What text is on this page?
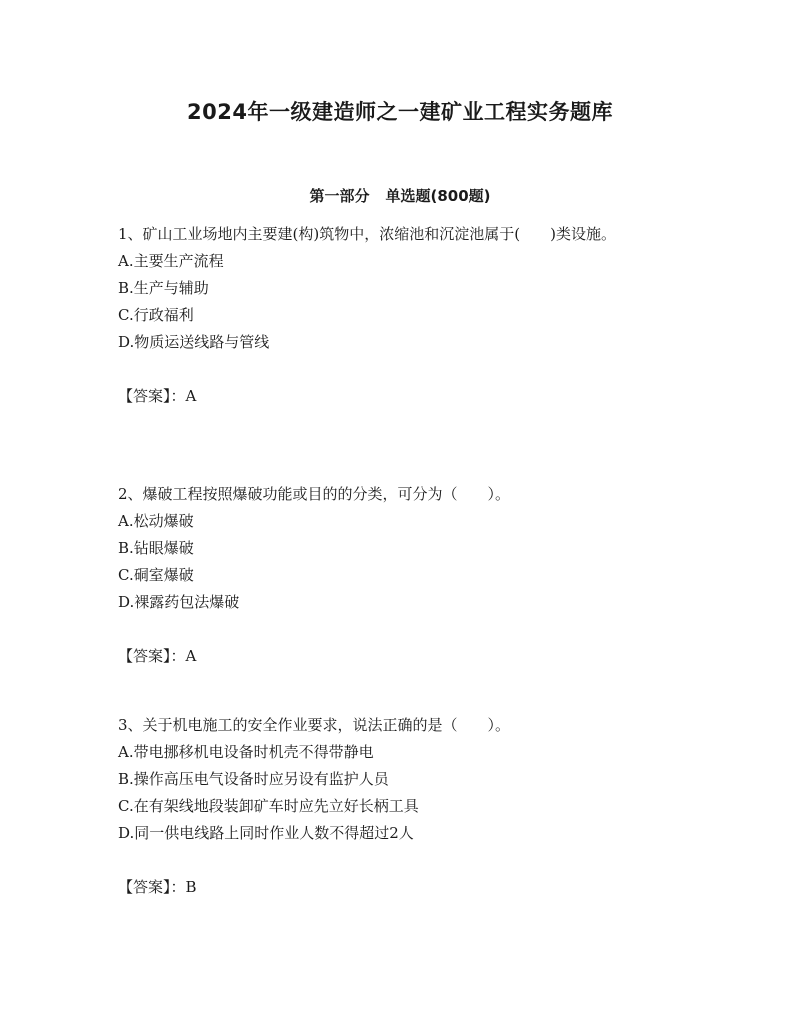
2024年一级建造师之一建矿业工程实务题库
第一部分 单选题(800题)

1、矿山工业场地内主要建(构)筑物中，浓缩池和沉淀池属于(　　)类设施。

A.主要生产流程
B.生产与辅助
C.行政福利
D.物质运送线路与管线
【答案】：A

2、爆破工程按照爆破功能或目的的分类，可分为（　　）。

A.松动爆破
B.钻眼爆破
C.硐室爆破
D.裸露药包法爆破
【答案】：A

3、关于机电施工的安全作业要求，说法正确的是（　　）。

A.带电挪移机电设备时机壳不得带静电
B.操作高压电气设备时应另设有监护人员
C.在有架线地段装卸矿车时应先立好长柄工具
D.同一供电线路上同时作业人数不得超过2人
【答案】：B
